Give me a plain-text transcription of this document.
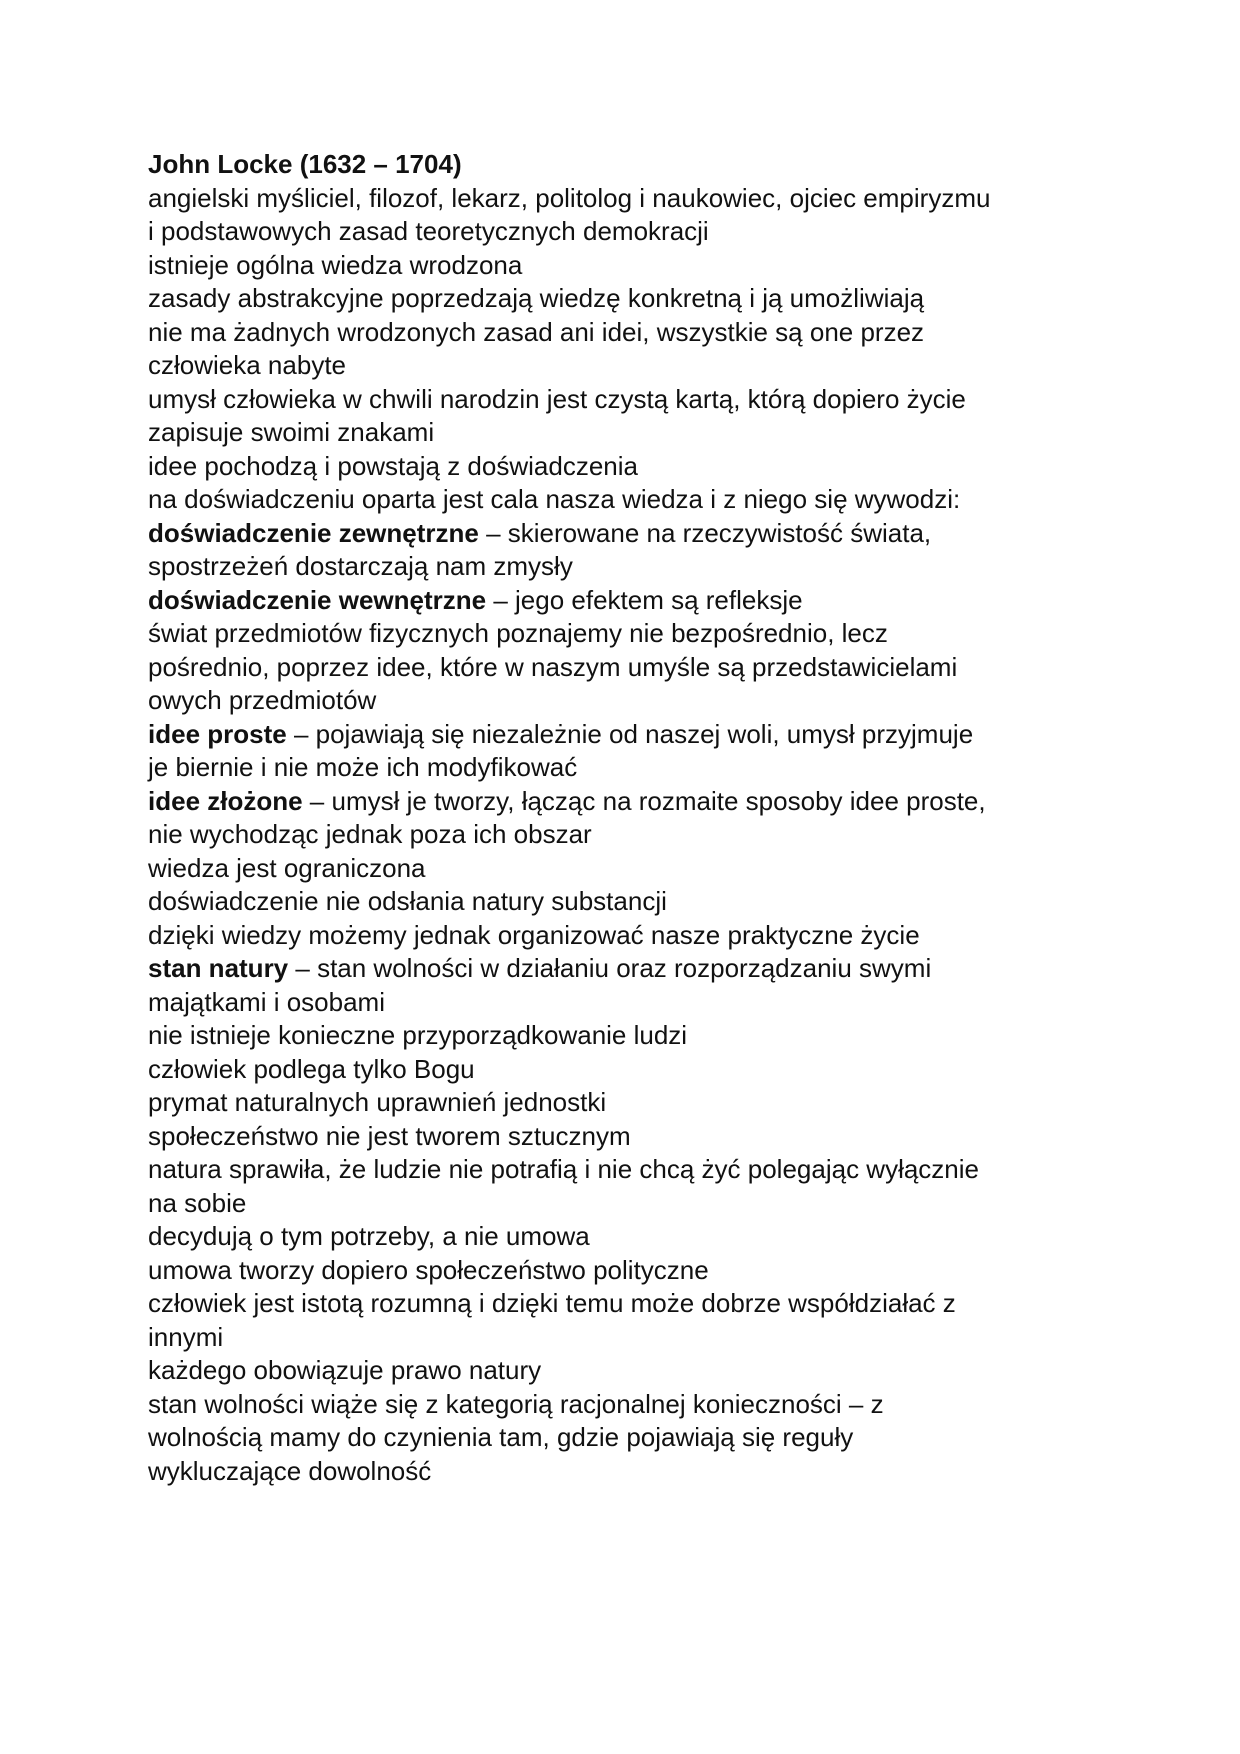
John Locke (1632 – 1704)

angielski myśliciel, filozof, lekarz, politolog i naukowiec, ojciec empiryzmu

i podstawowych zasad teoretycznych demokracji

istnieje ogólna wiedza wrodzona

zasady abstrakcyjne poprzedzają wiedzę konkretną i ją umożliwiają

nie ma żadnych wrodzonych zasad ani idei, wszystkie są one przez

człowieka nabyte

umysł człowieka w chwili narodzin jest czystą kartą, którą dopiero życie

zapisuje swoimi znakami

idee pochodzą i powstają z doświadczenia

na doświadczeniu oparta jest cala nasza wiedza i z niego się wywodzi:

doświadczenie zewnętrzne – skierowane na rzeczywistość świata,

spostrzeżeń dostarczają nam zmysły

doświadczenie wewnętrzne – jego efektem są refleksje

świat przedmiotów fizycznych poznajemy nie bezpośrednio, lecz

pośrednio, poprzez idee, które w naszym umyśle są przedstawicielami

owych przedmiotów

idee proste – pojawiają się niezależnie od naszej woli, umysł przyjmuje

je biernie i nie może ich modyfikować

idee złożone – umysł je tworzy, łącząc na rozmaite sposoby idee proste,

nie wychodząc jednak poza ich obszar

wiedza jest ograniczona

doświadczenie nie odsłania natury substancji

dzięki wiedzy możemy jednak organizować nasze praktyczne życie

stan natury – stan wolności w działaniu oraz rozporządzaniu swymi

majątkami i osobami

nie istnieje konieczne przyporządkowanie ludzi

człowiek podlega tylko Bogu

prymat naturalnych uprawnień jednostki

społeczeństwo nie jest tworem sztucznym

natura sprawiła, że ludzie nie potrafią i nie chcą żyć polegając wyłącznie

na sobie

decydują o tym potrzeby, a nie umowa

umowa tworzy dopiero społeczeństwo polityczne

człowiek jest istotą rozumną i dzięki temu może dobrze współdziałać z

innymi

każdego obowiązuje prawo natury

stan wolności wiąże się z kategorią racjonalnej konieczności – z

wolnością mamy do czynienia tam, gdzie pojawiają się reguły

wykluczające dowolność
